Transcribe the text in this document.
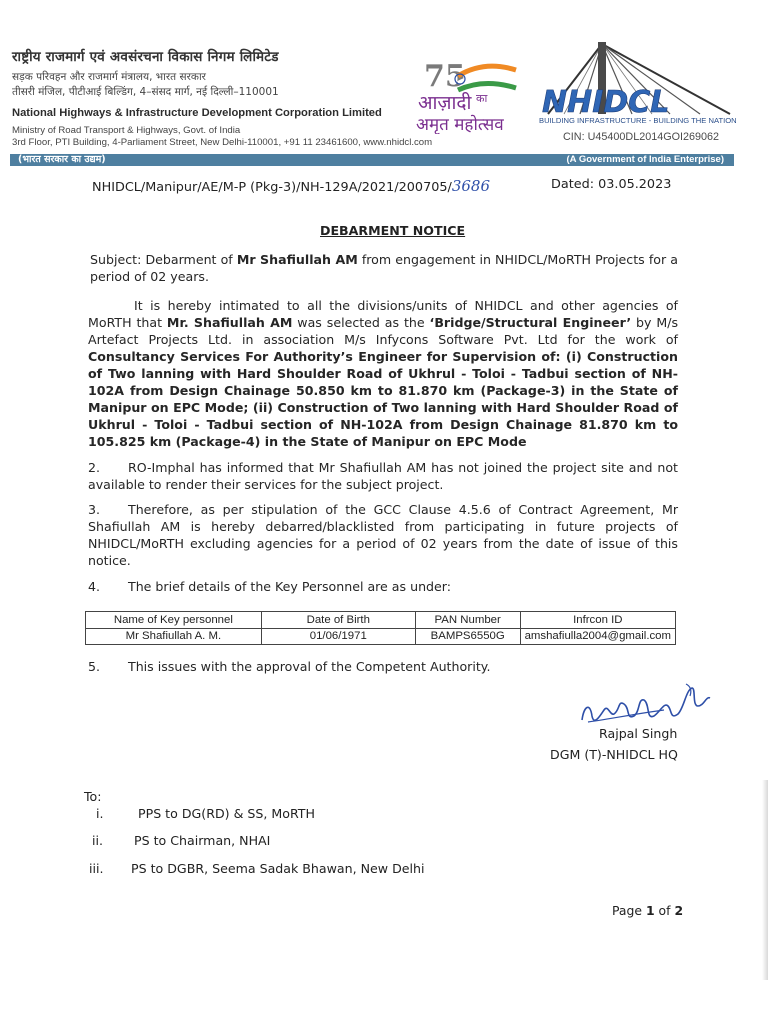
राष्ट्रीय राजमार्ग एवं अवसंरचना विकास निगम लिमिटेड
सड़क परिवहन और राजमार्ग मंत्रालय, भारत सरकार
तीसरी मंजिल, पीटीआई बिल्डिंग, 4–संसद मार्ग, नई दिल्ली–110001
National Highways & Infrastructure Development Corporation Limited
Ministry of Road Transport & Highways, Govt. of India
3rd Floor, PTI Building, 4-Parliament Street, New Delhi-110001, +91 11 23461600, www.nhidcl.com
75
आज़ादी का
अमृत महोत्सव
NHIDCL
BUILDING INFRASTRUCTURE - BUILDING THE NATION
CIN: U45400DL2014GOI269062
(भारत सरकार का उद्यम)	(A Government of India Enterprise)
NHIDCL/Manipur/AE/M-P (Pkg-3)/NH-129A/2021/200705/3686	Dated: 03.05.2023
DEBARMENT NOTICE
Subject: Debarment of Mr Shafiullah AM from engagement in NHIDCL/MoRTH Projects for a period of 02 years.
It is hereby intimated to all the divisions/units of NHIDCL and other agencies of MoRTH that Mr. Shafiullah AM was selected as the ‘Bridge/Structural Engineer’ by M/s Artefact Projects Ltd. in association M/s Infycons Software Pvt. Ltd for the work of Consultancy Services For Authority’s Engineer for Supervision of: (i) Construction of Two lanning with Hard Shoulder Road of Ukhrul - Toloi - Tadbui section of NH-102A from Design Chainage 50.850 km to 81.870 km (Package-3) in the State of Manipur on EPC Mode; (ii) Construction of Two lanning with Hard Shoulder Road of Ukhrul - Toloi - Tadbui section of NH-102A from Design Chainage 81.870 km to 105.825 km (Package-4) in the State of Manipur on EPC Mode
2. RO-Imphal has informed that Mr Shafiullah AM has not joined the project site and not available to render their services for the subject project.
3. Therefore, as per stipulation of the GCC Clause 4.5.6 of Contract Agreement, Mr Shafiullah AM is hereby debarred/blacklisted from participating in future projects of NHIDCL/MoRTH excluding agencies for a period of 02 years from the date of issue of this notice.
4. The brief details of the Key Personnel are as under:
Name of Key personnel	Date of Birth	PAN Number	Infrcon ID
Mr Shafiullah A. M.	01/06/1971	BAMPS6550G	amshafiulla2004@gmail.com
5. This issues with the approval of the Competent Authority.
Rajpal Singh
DGM (T)-NHIDCL HQ
To:
i.	PPS to DG(RD) & SS, MoRTH
ii. PS to Chairman, NHAI
iii. PS to DGBR, Seema Sadak Bhawan, New Delhi
Page 1 of 2
